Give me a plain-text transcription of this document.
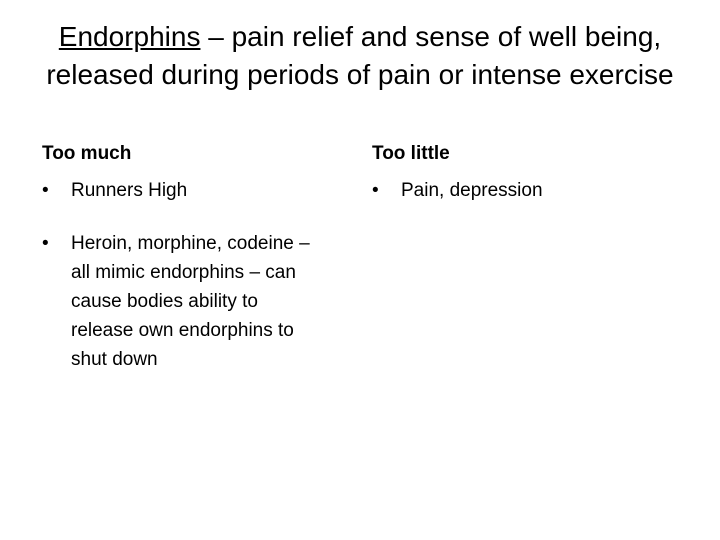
Endorphins – pain relief and sense of well being, released during periods of pain or intense exercise
Too much
• Runners High
• Heroin, morphine, codeine – all mimic endorphins – can cause bodies ability to release own endorphins to shut down
Too little
• Pain, depression
